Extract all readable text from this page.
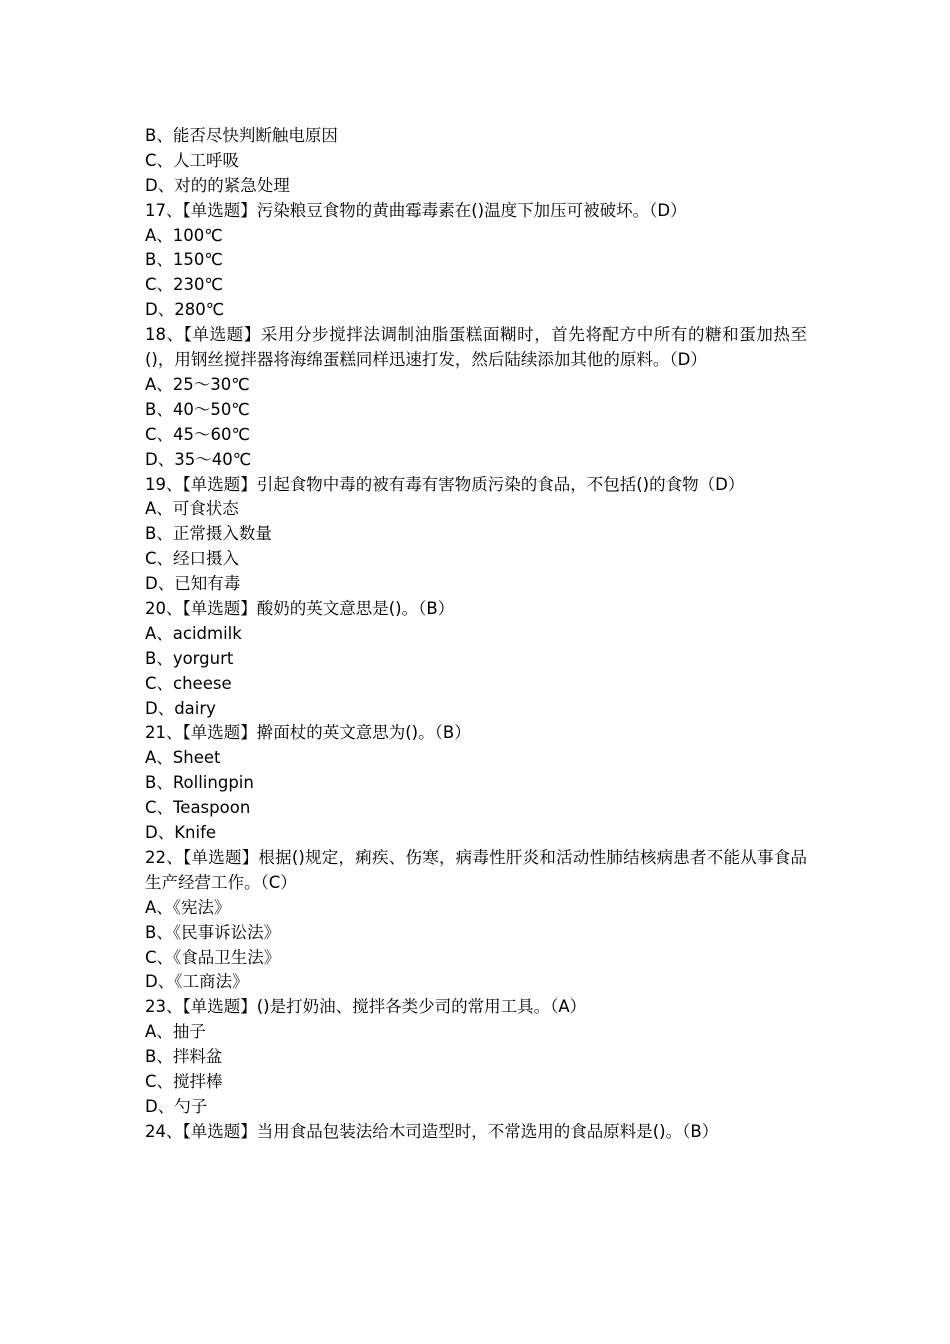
B、能否尽快判断触电原因
C、人工呼吸
D、对的的紧急处理
17、【单选题】污染粮豆食物的黄曲霉毒素在()温度下加压可被破坏。（D）
A、100℃
B、150℃
C、230℃
D、280℃
18、【单选题】采用分步搅拌法调制油脂蛋糕面糊时，首先将配方中所有的糖和蛋加热至()，用钢丝搅拌器将海绵蛋糕同样迅速打发，然后陆续添加其他的原料。（D）
A、25～30℃
B、40～50℃
C、45～60℃
D、35～40℃
19、【单选题】引起食物中毒的被有毒有害物质污染的食品，不包括()的食物（D）
A、可食状态
B、正常摄入数量
C、经口摄入
D、已知有毒
20、【单选题】酸奶的英文意思是()。（B）
A、acidmilk
B、yorgurt
C、cheese
D、dairy
21、【单选题】擀面杖的英文意思为()。（B）
A、Sheet
B、Rollingpin
C、Teaspoon
D、Knife
22、【单选题】根据()规定，痢疾、伤寒，病毒性肝炎和活动性肺结核病患者不能从事食品生产经营工作。（C）
A、《宪法》
B、《民事诉讼法》
C、《食品卫生法》
D、《工商法》
23、【单选题】()是打奶油、搅拌各类少司的常用工具。（A）
A、抽子
B、拌料盆
C、搅拌棒
D、勺子
24、【单选题】当用食品包装法给木司造型时，不常选用的食品原料是()。（B）
